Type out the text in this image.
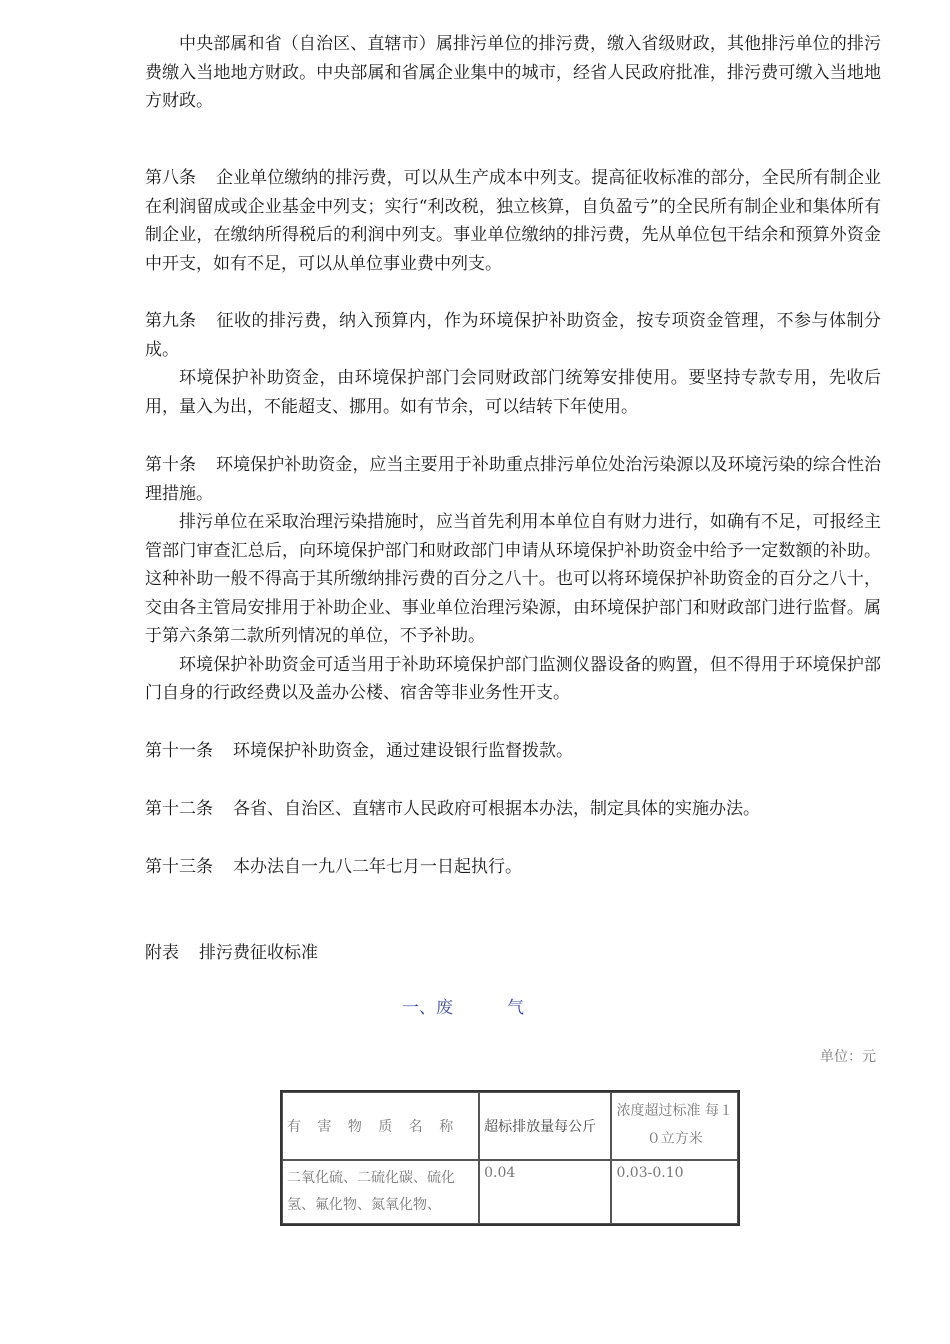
中央部属和省（自治区、直辖市）属排污单位的排污费，缴入省级财政，其他排污单位的排污费缴入当地地方财政。中央部属和省属企业集中的城市，经省人民政府批准，排污费可缴入当地地方财政。

第八条 企业单位缴纳的排污费，可以从生产成本中列支。提高征收标准的部分，全民所有制企业在利润留成或企业基金中列支；实行“利改税，独立核算，自负盈亏”的全民所有制企业和集体所有制企业，在缴纳所得税后的利润中列支。事业单位缴纳的排污费，先从单位包干结余和预算外资金中开支，如有不足，可以从单位事业费中列支。

第九条 征收的排污费，纳入预算内，作为环境保护补助资金，按专项资金管理，不参与体制分成。

环境保护补助资金，由环境保护部门会同财政部门统筹安排使用。要坚持专款专用，先收后用，量入为出，不能超支、挪用。如有节余，可以结转下年使用。

第十条 环境保护补助资金，应当主要用于补助重点排污单位处治污染源以及环境污染的综合性治理措施。

排污单位在采取治理污染措施时，应当首先利用本单位自有财力进行，如确有不足，可报经主管部门审查汇总后，向环境保护部门和财政部门申请从环境保护补助资金中给予一定数额的补助。这种补助一般不得高于其所缴纳排污费的百分之八十。也可以将环境保护补助资金的百分之八十，交由各主管局安排用于补助企业、事业单位治理污染源，由环境保护部门和财政部门进行监督。属于第六条第二款所列情况的单位，不予补助。

环境保护补助资金可适当用于补助环境保护部门监测仪器设备的购置，但不得用于环境保护部门自身的行政经费以及盖办公楼、宿舍等非业务性开支。

第十一条 环境保护补助资金，通过建设银行监督拨款。
第十二条 各省、自治区、直辖市人民政府可根据本办法，制定具体的实施办法。
第十三条 本办法自一九八二年七月一日起执行。
附表 排污费征收标准
一、废	气
单位：元
有 害 物 质 名 称	超标排放量每公斤	浓度超过标准 每１０立方米
二氧化硫、二硫化碳、硫化氢、氟化物、氮氧化物、	0.04	0.03-0.10
